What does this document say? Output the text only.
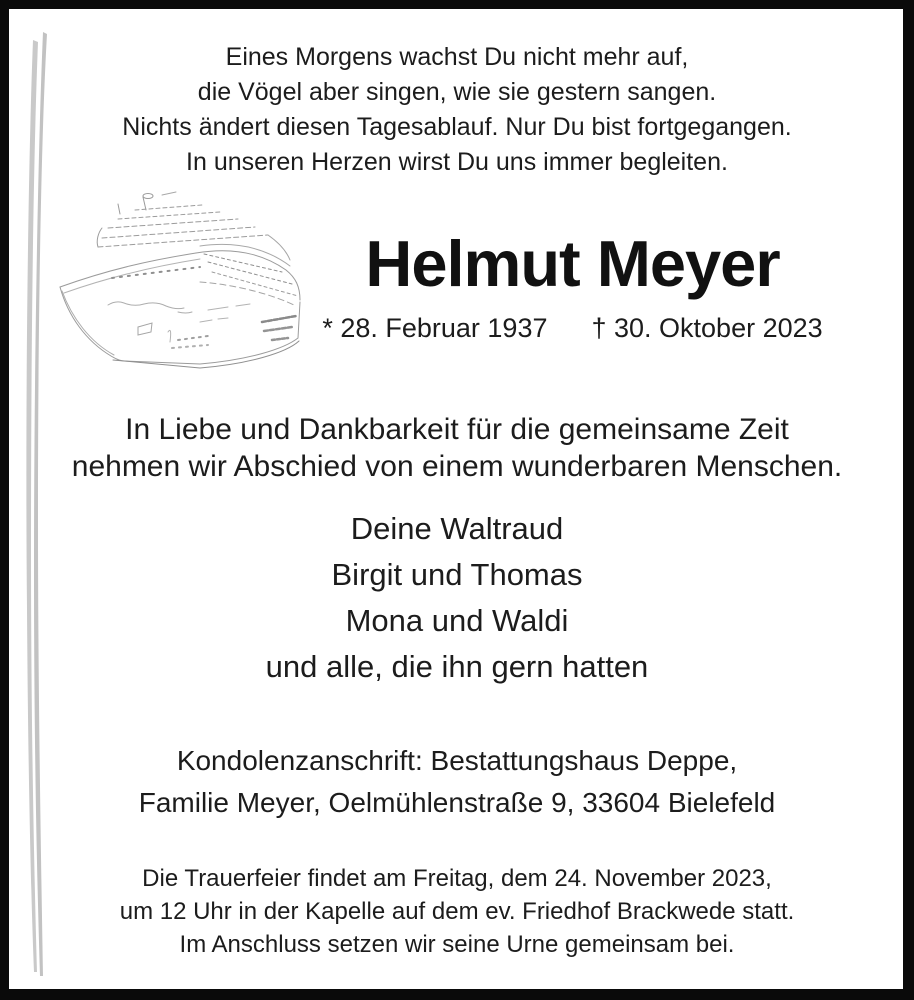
Eines Morgens wachst Du nicht mehr auf,
die Vögel aber singen, wie sie gestern sangen.
Nichts ändert diesen Tagesablauf. Nur Du bist fortgegangen.
In unseren Herzen wirst Du uns immer begleiten.
Helmut Meyer
* 28. Februar 1937 † 30. Oktober 2023
In Liebe und Dankbarkeit für die gemeinsame Zeit
nehmen wir Abschied von einem wunderbaren Menschen.
Deine Waltraud
Birgit und Thomas
Mona und Waldi
und alle, die ihn gern hatten
Kondolenzanschrift: Bestattungshaus Deppe,
Familie Meyer, Oelmühlenstraße 9, 33604 Bielefeld
Die Trauerfeier findet am Freitag, dem 24. November 2023,
um 12 Uhr in der Kapelle auf dem ev. Friedhof Brackwede statt.
Im Anschluss setzen wir seine Urne gemeinsam bei.
